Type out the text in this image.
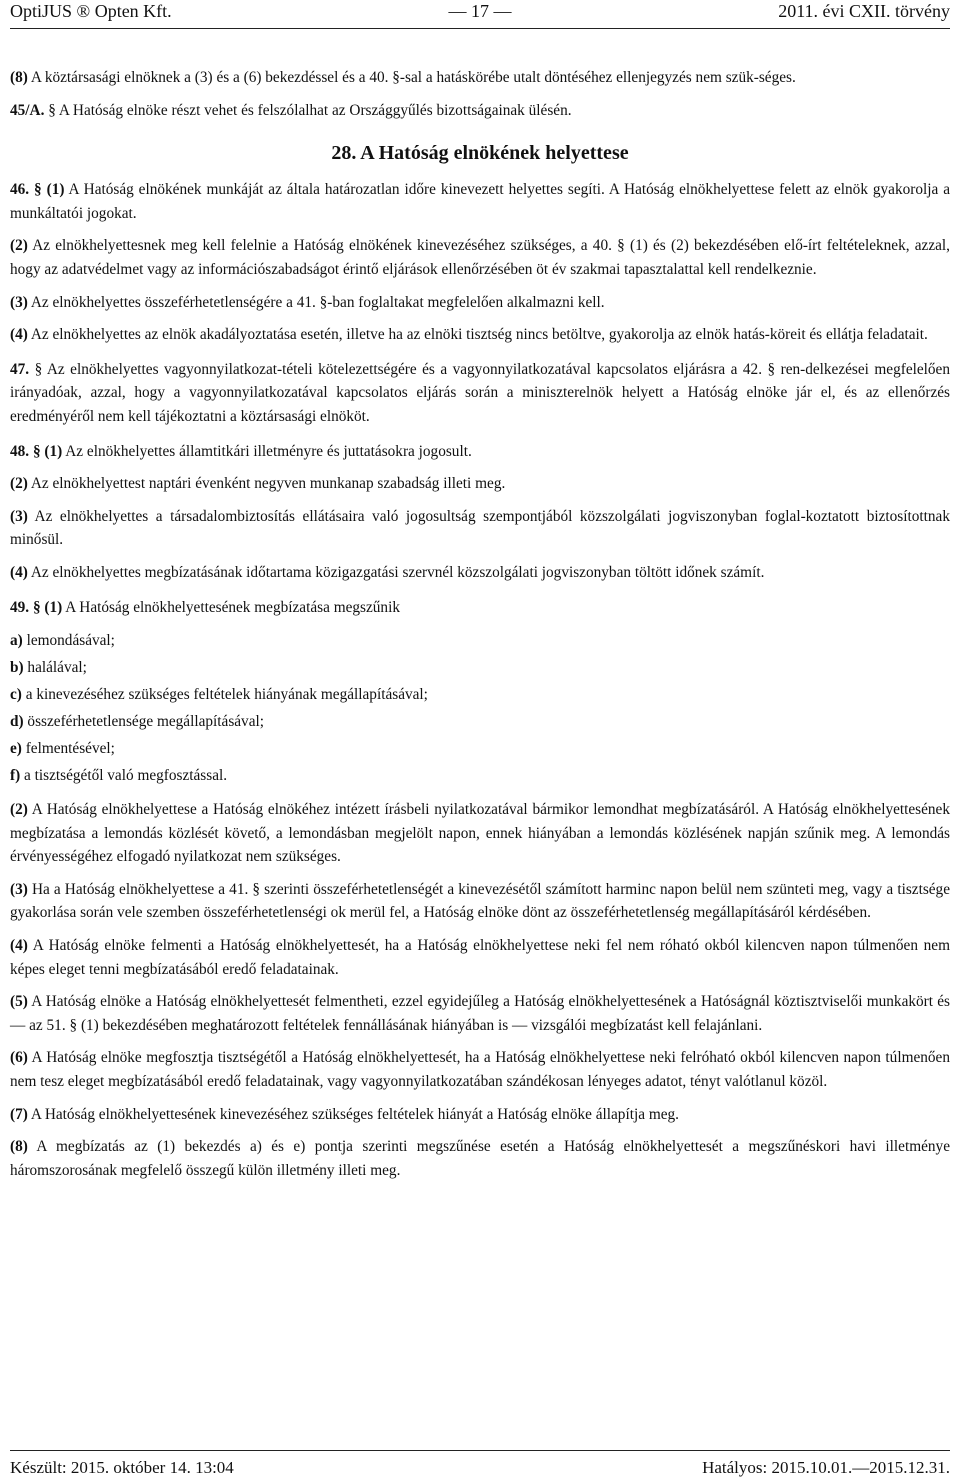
OptiJUS ® Opten Kft.	— 17 —	2011. évi CXII. törvény

(8) A köztársasági elnöknek a (3) és a (6) bekezdéssel és a 40. §-sal a hatáskörébe utalt döntéséhez ellenjegyzés nem szük-séges.

45/A. § A Hatóság elnöke részt vehet és felszólalhat az Országgyűlés bizottságainak ülésén.

28. A Hatóság elnökének helyettese

46. § (1) A Hatóság elnökének munkáját az általa határozatlan időre kinevezett helyettes segíti. A Hatóság elnökhelyettese felett az elnök gyakorolja a munkáltatói jogokat.

(2) Az elnökhelyettesnek meg kell felelnie a Hatóság elnökének kinevezéséhez szükséges, a 40. § (1) és (2) bekezdésében elő-írt feltételeknek, azzal, hogy az adatvédelmet vagy az információszabadságot érintő eljárások ellenőrzésében öt év szakmai tapasztalattal kell rendelkeznie.

(3) Az elnökhelyettes összeférhetetlenségére a 41. §-ban foglaltakat megfelelően alkalmazni kell.

(4) Az elnökhelyettes az elnök akadályoztatása esetén, illetve ha az elnöki tisztség nincs betöltve, gyakorolja az elnök hatás-köreit és ellátja feladatait.

47. § Az elnökhelyettes vagyonnyilatkozat-tételi kötelezettségére és a vagyonnyilatkozatával kapcsolatos eljárásra a 42. § ren-delkezései megfelelően irányadóak, azzal, hogy a vagyonnyilatkozatával kapcsolatos eljárás során a miniszterelnök helyett a Hatóság elnöke jár el, és az ellenőrzés eredményéről nem kell tájékoztatni a köztársasági elnököt.

48. § (1) Az elnökhelyettes államtitkári illetményre és juttatásokra jogosult.

(2) Az elnökhelyettest naptári évenként negyven munkanap szabadság illeti meg.

(3) Az elnökhelyettes a társadalombiztosítás ellátásaira való jogosultság szempontjából közszolgálati jogviszonyban foglal-koztatott biztosítottnak minősül.

(4) Az elnökhelyettes megbízatásának időtartama közigazgatási szervnél közszolgálati jogviszonyban töltött időnek számít.

49. § (1) A Hatóság elnökhelyettesének megbízatása megszűnik

a) lemondásával;
b) halálával;
c) a kinevezéséhez szükséges feltételek hiányának megállapításával;
d) összeférhetetlensége megállapításával;
e) felmentésével;
f) a tisztségétől való megfosztással.

(2) A Hatóság elnökhelyettese a Hatóság elnökéhez intézett írásbeli nyilatkozatával bármikor lemondhat megbízatásáról. A Hatóság elnökhelyettesének megbízatása a lemondás közlését követő, a lemondásban megjelölt napon, ennek hiányában a lemondás közlésének napján szűnik meg. A lemondás érvényességéhez elfogadó nyilatkozat nem szükséges.

(3) Ha a Hatóság elnökhelyettese a 41. § szerinti összeférhetetlenségét a kinevezésétől számított harminc napon belül nem szünteti meg, vagy a tisztsége gyakorlása során vele szemben összeférhetetlenségi ok merül fel, a Hatóság elnöke dönt az összeférhetetlenség megállapításáról kérdésében.

(4) A Hatóság elnöke felmenti a Hatóság elnökhelyettesét, ha a Hatóság elnökhelyettese neki fel nem róható okból kilencven napon túlmenően nem képes eleget tenni megbízatásából eredő feladatainak.

(5) A Hatóság elnöke a Hatóság elnökhelyettesét felmentheti, ezzel egyidejűleg a Hatóság elnökhelyettesének a Hatóságnál köztisztviselői munkakört és — az 51. § (1) bekezdésében meghatározott feltételek fennállásának hiányában is — vizsgálói megbízatást kell felajánlani.

(6) A Hatóság elnöke megfosztja tisztségétől a Hatóság elnökhelyettesét, ha a Hatóság elnökhelyettese neki felróható okból kilencven napon túlmenően nem tesz eleget megbízatásából eredő feladatainak, vagy vagyonnyilatkozatában szándékosan lényeges adatot, tényt valótlanul közöl.

(7) A Hatóság elnökhelyettesének kinevezéséhez szükséges feltételek hiányát a Hatóság elnöke állapítja meg.

(8) A megbízatás az (1) bekezdés a) és e) pontja szerinti megszűnése esetén a Hatóság elnökhelyettesét a megszűnéskori havi illetménye háromszorosának megfelelő összegű külön illetmény illeti meg.

Készült: 2015. október 14. 13:04	Hatályos: 2015.10.01.—2015.12.31.
